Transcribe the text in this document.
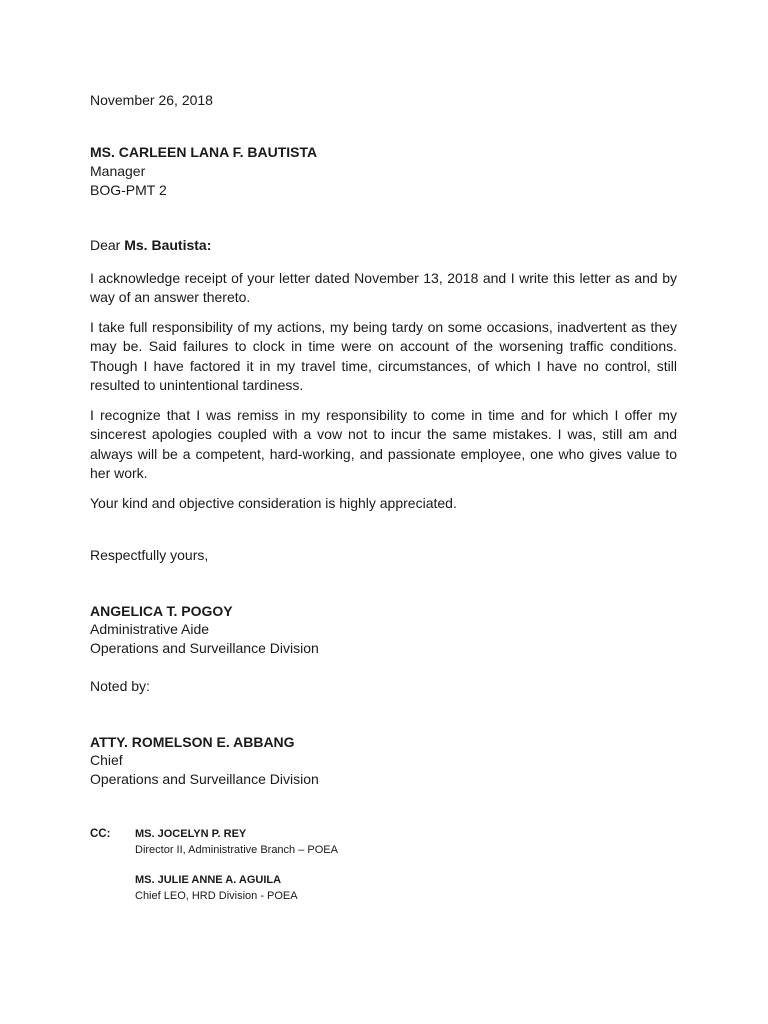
November 26, 2018
MS. CARLEEN LANA F. BAUTISTA
Manager
BOG-PMT 2
Dear Ms. Bautista:
I acknowledge receipt of your letter dated November 13, 2018 and I write this letter as and by way of an answer thereto.
I take full responsibility of my actions, my being tardy on some occasions, inadvertent as they may be. Said failures to clock in time were on account of the worsening traffic conditions. Though I have factored it in my travel time, circumstances, of which I have no control, still resulted to unintentional tardiness.
I recognize that I was remiss in my responsibility to come in time and for which I offer my sincerest apologies coupled with a vow not to incur the same mistakes. I was, still am and always will be a competent, hard-working, and passionate employee, one who gives value to her work.
Your kind and objective consideration is highly appreciated.
Respectfully yours,
ANGELICA T. POGOY
Administrative Aide
Operations and Surveillance Division
Noted by:
ATTY. ROMELSON E. ABBANG
Chief
Operations and Surveillance Division
CC: MS. JOCELYN P. REY
Director II, Administrative Branch – POEA
MS. JULIE ANNE A. AGUILA
Chief LEO, HRD Division - POEA
